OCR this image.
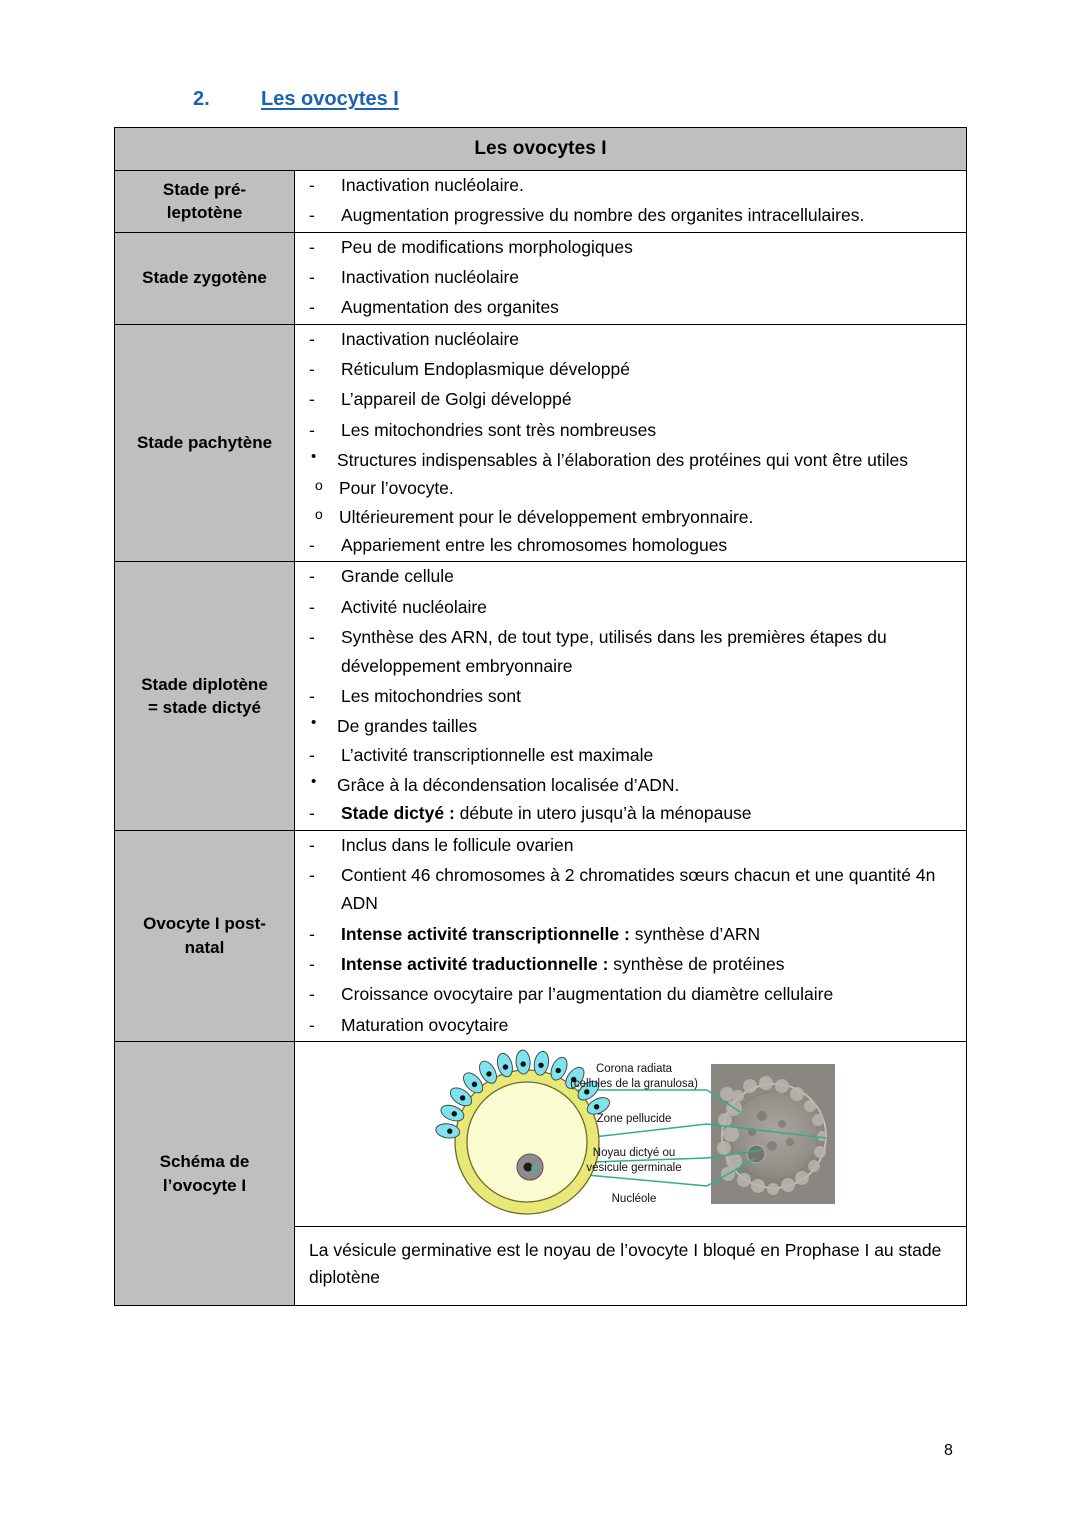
2.	Les ovocytes I
Les ovocytes I	
Stade pré-
leptotène	
- Inactivation nucléolaire.
- Augmentation progressive du nombre des organites intracellulaires.

Stade zygotène	
- Peu de modifications morphologiques
- Inactivation nucléolaire
- Augmentation des organites

Stade pachytène	
- Inactivation nucléolaire
- Réticulum Endoplasmique développé
- L’appareil de Golgi développé
- Les mitochondries sont très nombreuses
• Structures indispensables à l’élaboration des protéines qui vont être utiles
o Pour l’ovocyte.
o Ultérieurement pour le développement embryonnaire.
- Appariement entre les chromosomes homologues

Stade diplotène
= stade dictyé	
- Grande cellule
- Activité nucléolaire
- Synthèse des ARN, de tout type, utilisés dans les premières étapes du développement embryonnaire
- Les mitochondries sont
• De grandes tailles
- L’activité transcriptionnelle est maximale
• Grâce à la décondensation localisée d’ADN.
- Stade dictyé : débute in utero jusqu’à la ménopause

Ovocyte I post-
natal	
- Inclus dans le follicule ovarien
- Contient 46 chromosomes à 2 chromatides sœurs chacun et une quantité 4n ADN
- Intense activité transcriptionnelle : synthèse d’ARN
- Intense activité traductionnelle : synthèse de protéines
- Croissance ovocytaire par l’augmentation du diamètre cellulaire
- Maturation ovocytaire

Schéma de
l’ovocyte I	
Corona radiata
(cellules de la granulosa)
Zone pellucide
Noyau dictyé ou
vésicule germinale
Nucléole
La vésicule germinative est le noyau de l’ovocyte I bloqué en Prophase I au stade diplotène
8
